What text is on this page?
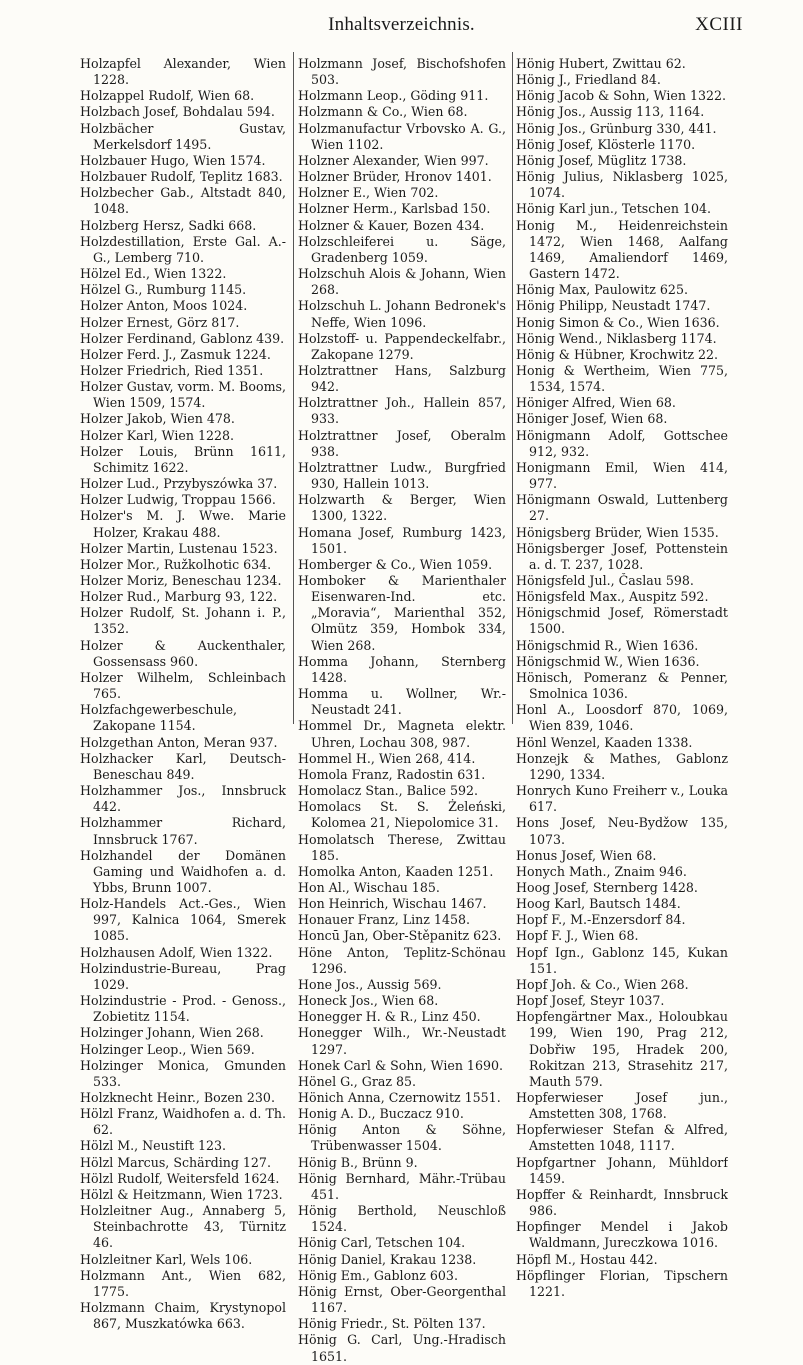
Inhaltsverzeichnis.	XCIII
Holzapfel Alexander, Wien 1228.
Holzappel Rudolf, Wien 68.
Holzbach Josef, Bohdalau 594.
Holzbächer Gustav, Merkelsdorf 1495.
Holzbauer Hugo, Wien 1574.
Holzbauer Rudolf, Teplitz 1683.
Holzbecher Gab., Altstadt 840, 1048.
Holzberg Hersz, Sadki 668.
Holzdestillation, Erste Gal. A.-G., Lemberg 710.
Hölzel Ed., Wien 1322.
Hölzel G., Rumburg 1145.
Holzer Anton, Moos 1024.
Holzer Ernest, Görz 817.
Holzer Ferdinand, Gablonz 439.
Holzer Ferd. J., Zasmuk 1224.
Holzer Friedrich, Ried 1351.
Holzer Gustav, vorm. M. Booms, Wien 1509, 1574.
Holzer Jakob, Wien 478.
Holzer Karl, Wien 1228.
Holzer Louis, Brünn 1611, Schimitz 1622.
Holzer Lud., Przybyszówka 37.
Holzer Ludwig, Troppau 1566.
Holzer's M. J. Wwe. Marie Holzer, Krakau 488.
Holzer Martin, Lustenau 1523.
Holzer Mor., Ružkolhotic 634.
Holzer Moriz, Beneschau 1234.
Holzer Rud., Marburg 93, 122.
Holzer Rudolf, St. Johann i. P., 1352.
Holzer & Auckenthaler, Gossensass 960.
Holzer Wilhelm, Schleinbach 765.
Holzfachgewerbeschule, Zakopane 1154.
Holzgethan Anton, Meran 937.
Holzhacker Karl, Deutsch-Beneschau 849.
Holzhammer Jos., Innsbruck 442.
Holzhammer Richard, Innsbruck 1767.
Holzhandel der Domänen Gaming und Waidhofen a. d. Ybbs, Brunn 1007.
Holz-Handels Act.-Ges., Wien 997, Kalnica 1064, Smerek 1085.
Holzhausen Adolf, Wien 1322.
Holzindustrie-Bureau, Prag 1029.
Holzindustrie - Prod. - Genoss., Zobietitz 1154.
Holzinger Johann, Wien 268.
Holzinger Leop., Wien 569.
Holzinger Monica, Gmunden 533.
Holzknecht Heinr., Bozen 230.
Hölzl Franz, Waidhofen a. d. Th. 62.
Hölzl M., Neustift 123.
Hölzl Marcus, Schärding 127.
Hölzl Rudolf, Weitersfeld 1624.
Hölzl & Heitzmann, Wien 1723.
Holzleitner Aug., Annaberg 5, Steinbachrotte 43, Türnitz 46.
Holzleitner Karl, Wels 106.
Holzmann Ant., Wien 682, 1775.
Holzmann Chaim, Krystynopol 867, Muszkatówka 663.
Holzmann Josef, Bischofshofen 503.
Holzmann Leop., Göding 911.
Holzmann & Co., Wien 68.
Holzmanufactur Vrbovsko A. G., Wien 1102.
Holzner Alexander, Wien 997.
Holzner Brüder, Hronov 1401.
Holzner E., Wien 702.
Holzner Herm., Karlsbad 150.
Holzner & Kauer, Bozen 434.
Holzschleiferei u. Säge, Gradenberg 1059.
Holzschuh Alois & Johann, Wien 268.
Holzschuh L. Johann Bedronek's Neffe, Wien 1096.
Holzstoff- u. Pappendeckelfabr., Zakopane 1279.
Holztrattner Hans, Salzburg 942.
Holztrattner Joh., Hallein 857, 933.
Holztrattner Josef, Oberalm 938.
Holztrattner Ludw., Burgfried 930, Hallein 1013.
Holzwarth & Berger, Wien 1300, 1322.
Homana Josef, Rumburg 1423, 1501.
Homberger & Co., Wien 1059.
Homboker & Marienthaler Eisenwaren-Ind. etc. „Moravia“, Marienthal 352, Olmütz 359, Hombok 334, Wien 268.
Homma Johann, Sternberg 1428.
Homma u. Wollner, Wr.-Neustadt 241.
Hommel Dr., Magneta elektr. Uhren, Lochau 308, 987.
Hommel H., Wien 268, 414.
Homola Franz, Radostin 631.
Homolacz Stan., Balice 592.
Homolacs St. S. Żeleński, Kolomea 21, Niepolomice 31.
Homolatsch Therese, Zwittau 185.
Homolka Anton, Kaaden 1251.
Hon Al., Wischau 185.
Hon Heinrich, Wischau 1467.
Honauer Franz, Linz 1458.
Honcū Jan, Ober-Stěpanitz 623.
Höne Anton, Teplitz-Schönau 1296.
Hone Jos., Aussig 569.
Honeck Jos., Wien 68.
Honegger H. & R., Linz 450.
Honegger Wilh., Wr.-Neustadt 1297.
Honek Carl & Sohn, Wien 1690.
Hönel G., Graz 85.
Hönich Anna, Czernowitz 1551.
Honig A. D., Buczacz 910.
Hönig Anton & Söhne, Trübenwasser 1504.
Hönig B., Brünn 9.
Hönig Bernhard, Mähr.-Trübau 451.
Hönig Berthold, Neuschloß 1524.
Hönig Carl, Tetschen 104.
Hönig Daniel, Krakau 1238.
Hönig Em., Gablonz 603.
Hönig Ernst, Ober-Georgenthal 1167.
Hönig Friedr., St. Pölten 137.
Hönig G. Carl, Ung.-Hradisch 1651.
Hönig Hubert, Zwittau 62.
Hönig J., Friedland 84.
Hönig Jacob & Sohn, Wien 1322.
Hönig Jos., Aussig 113, 1164.
Hönig Jos., Grünburg 330, 441.
Hönig Josef, Klösterle 1170.
Hönig Josef, Müglitz 1738.
Hönig Julius, Niklasberg 1025, 1074.
Hönig Karl jun., Tetschen 104.
Honig M., Heidenreichstein 1472, Wien 1468, Aalfang 1469, Amaliendorf 1469, Gastern 1472.
Hönig Max, Paulowitz 625.
Hönig Philipp, Neustadt 1747.
Honig Simon & Co., Wien 1636.
Hönig Wend., Niklasberg 1174.
Hönig & Hübner, Krochwitz 22.
Honig & Wertheim, Wien 775, 1534, 1574.
Höniger Alfred, Wien 68.
Höniger Josef, Wien 68.
Hönigmann Adolf, Gottschee 912, 932.
Honigmann Emil, Wien 414, 977.
Hönigmann Oswald, Luttenberg 27.
Hönigsberg Brüder, Wien 1535.
Hönigsberger Josef, Pottenstein a. d. T. 237, 1028.
Hönigsfeld Jul., Časlau 598.
Hönigsfeld Max., Auspitz 592.
Hönigschmid Josef, Römerstadt 1500.
Hönigschmid R., Wien 1636.
Hönigschmid W., Wien 1636.
Hönisch, Pomeranz & Penner, Smolnica 1036.
Honl A., Loosdorf 870, 1069, Wien 839, 1046.
Hönl Wenzel, Kaaden 1338.
Honzejk & Mathes, Gablonz 1290, 1334.
Honrych Kuno Freiherr v., Louka 617.
Hons Josef, Neu-Bydžow 135, 1073.
Honus Josef, Wien 68.
Honych Math., Znaim 946.
Hoog Josef, Sternberg 1428.
Hoog Karl, Bautsch 1484.
Hopf F., M.-Enzersdorf 84.
Hopf F. J., Wien 68.
Hopf Ign., Gablonz 145, Kukan 151.
Hopf Joh. & Co., Wien 268.
Hopf Josef, Steyr 1037.
Hopfengärtner Max., Holoubkau 199, Wien 190, Prag 212, Dobřiw 195, Hradek 200, Rokitzan 213, Strasehitz 217, Mauth 579.
Hopferwieser Josef jun., Amstetten 308, 1768.
Hopferwieser Stefan & Alfred, Amstetten 1048, 1117.
Hopfgartner Johann, Mühldorf 1459.
Hopffer & Reinhardt, Innsbruck 986.
Hopfinger Mendel i Jakob Waldmann, Jureczkowa 1016.
Höpfl M., Hostau 442.
Höpflinger Florian, Tipschern 1221.
